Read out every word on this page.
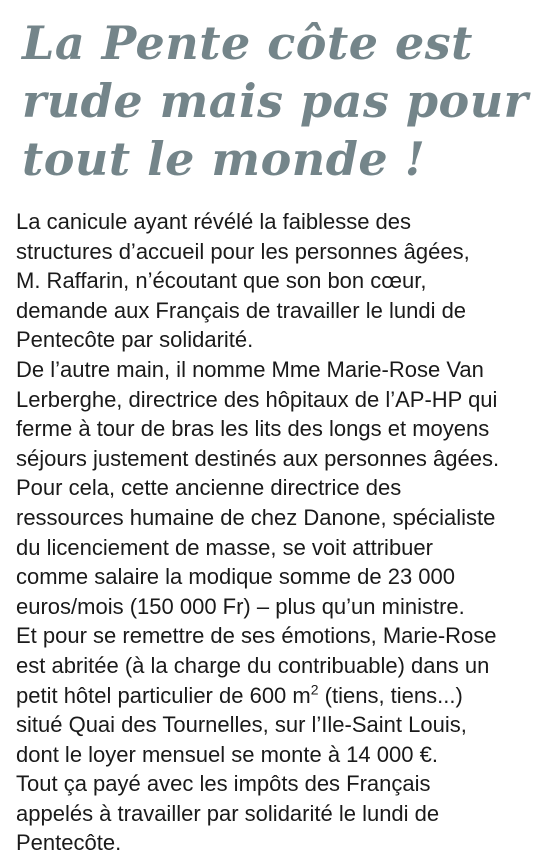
La Pente côte est
rude mais pas pour
tout le monde !
La canicule ayant révélé la faiblesse des
structures d’accueil pour les personnes âgées,
M. Raffarin, n’écoutant que son bon cœur,
demande aux Français de travailler le lundi de
Pentecôte par solidarité.
De l’autre main, il nomme Mme Marie-Rose Van
Lerberghe, directrice des hôpitaux de l’AP-HP qui
ferme à tour de bras les lits des longs et moyens
séjours justement destinés aux personnes âgées.
Pour cela, cette ancienne directrice des
ressources humaine de chez Danone, spécialiste
du licenciement de masse, se voit attribuer
comme salaire la modique somme de 23 000
euros/mois (150 000 Fr) – plus qu’un ministre.
Et pour se remettre de ses émotions, Marie-Rose
est abritée (à la charge du contribuable) dans un
petit hôtel particulier de 600 $m^2$ (tiens, tiens...)
situé Quai des Tournelles, sur l’Ile-Saint Louis,
dont le loyer mensuel se monte à 14 000 €.
Tout ça payé avec les impôts des Français
appelés à travailler par solidarité le lundi de
Pentecôte.
